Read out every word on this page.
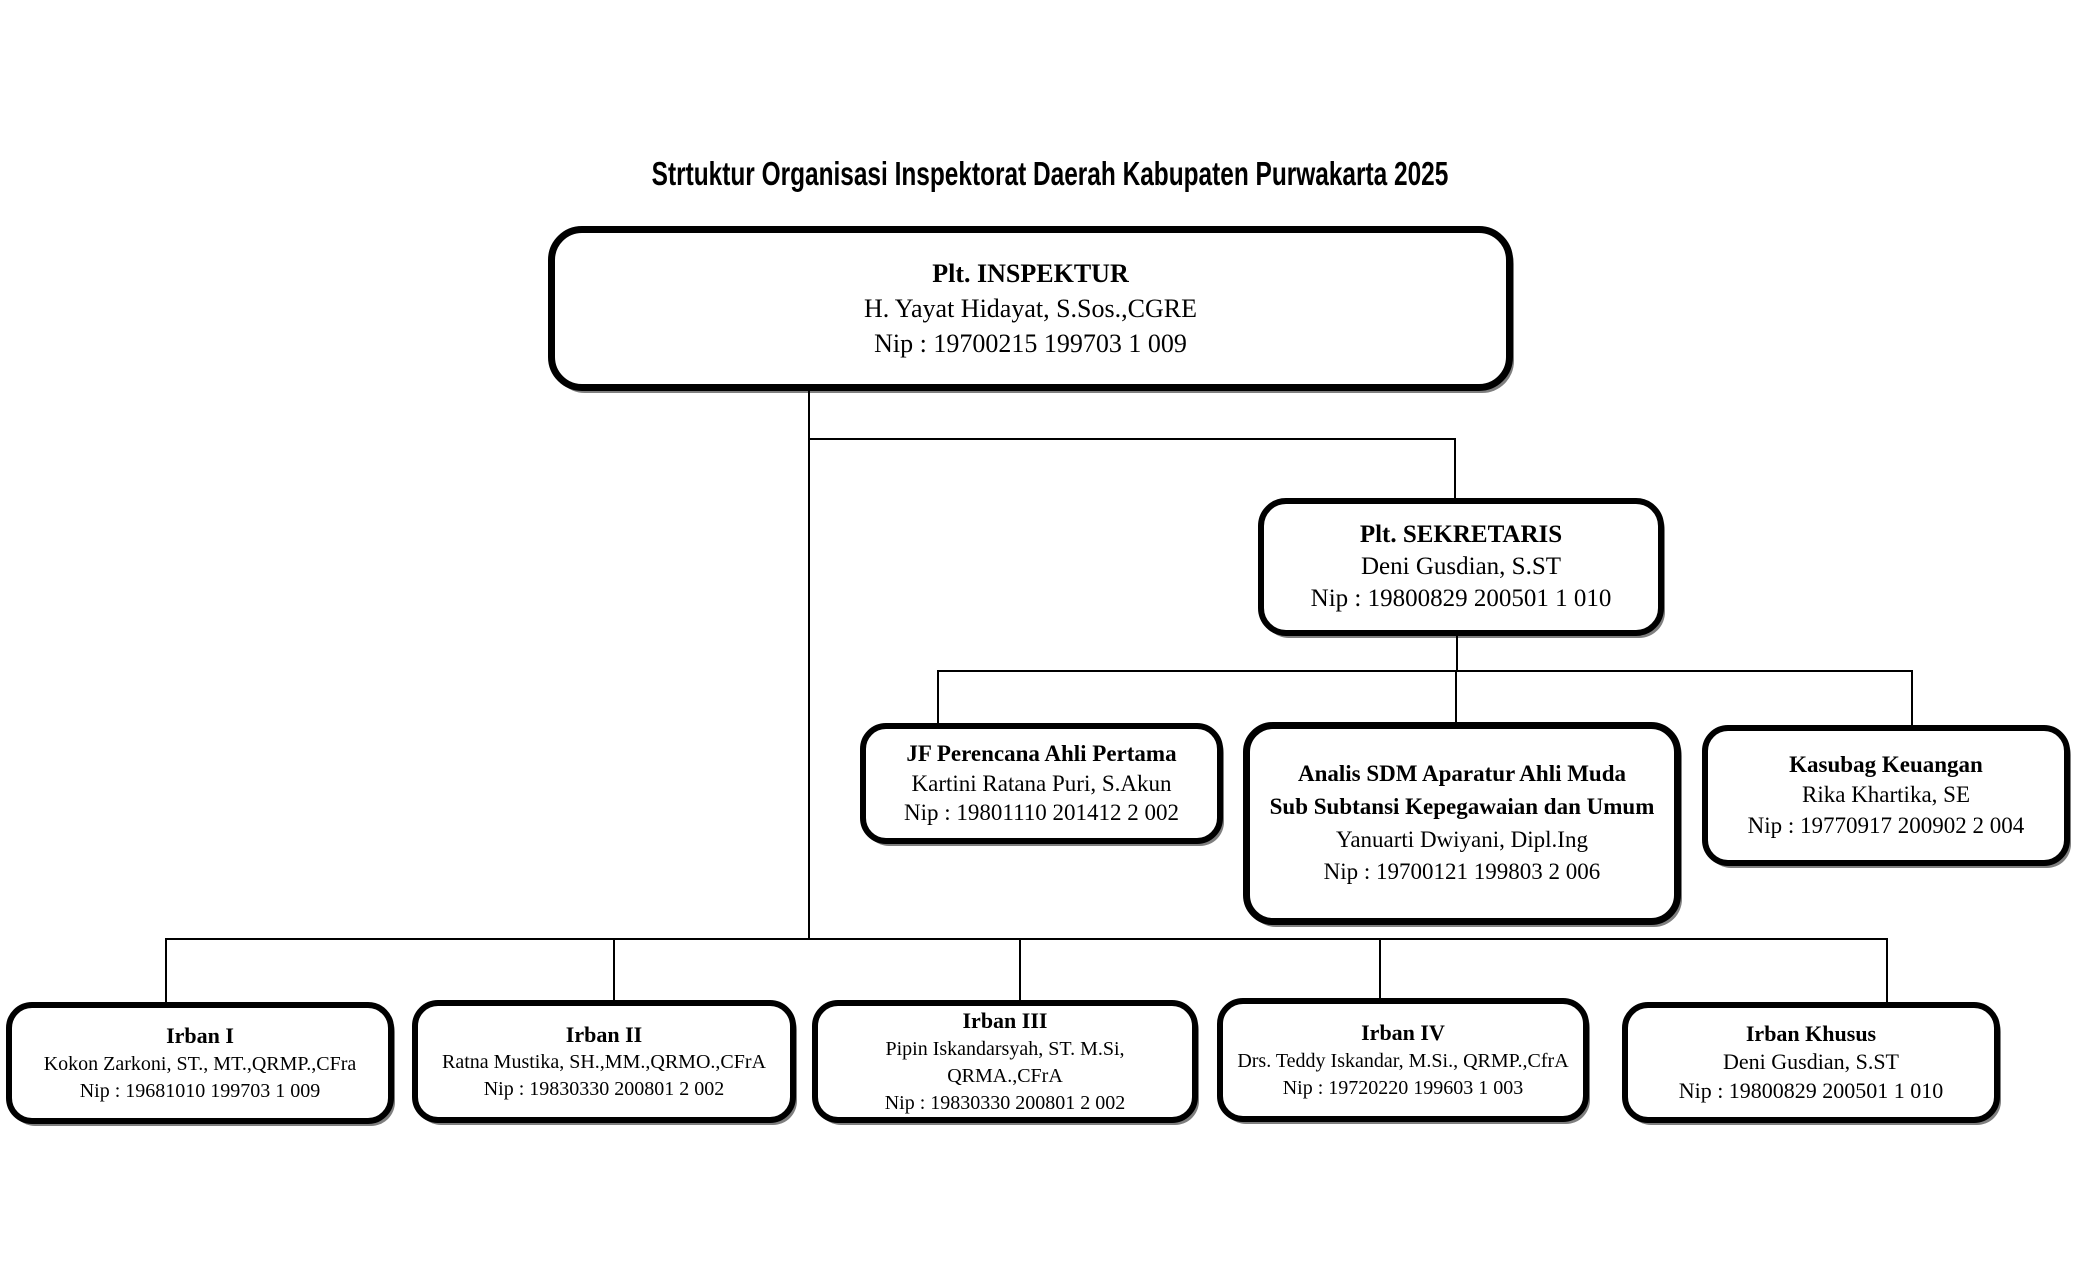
Strtuktur Organisasi Inspektorat Daerah Kabupaten Purwakarta 2025
Plt. INSPEKTUR
H. Yayat Hidayat, S.Sos.,CGRE
Nip : 19700215 199703 1 009
Plt. SEKRETARIS
Deni Gusdian, S.ST
Nip : 19800829 200501 1 010
JF Perencana Ahli Pertama
Kartini Ratana Puri, S.Akun
Nip : 19801110 201412 2 002
Analis SDM Aparatur Ahli Muda
Sub Subtansi Kepegawaian dan Umum
Yanuarti Dwiyani, Dipl.Ing
Nip : 19700121 199803 2 006
Kasubag Keuangan
Rika Khartika, SE
Nip : 19770917 200902 2 004
Irban I
Kokon Zarkoni, ST., MT.,QRMP.,CFra
Nip : 19681010 199703 1 009
Irban II
Ratna Mustika, SH.,MM.,QRMO.,CFrA
Nip : 19830330 200801 2 002
Irban III
Pipin Iskandarsyah, ST. M.Si, QRMA.,CFrA
Nip : 19830330 200801 2 002
Irban IV
Drs. Teddy Iskandar, M.Si., QRMP.,CfrA
Nip : 19720220 199603 1 003
Irban Khusus
Deni Gusdian, S.ST
Nip : 19800829 200501 1 010
